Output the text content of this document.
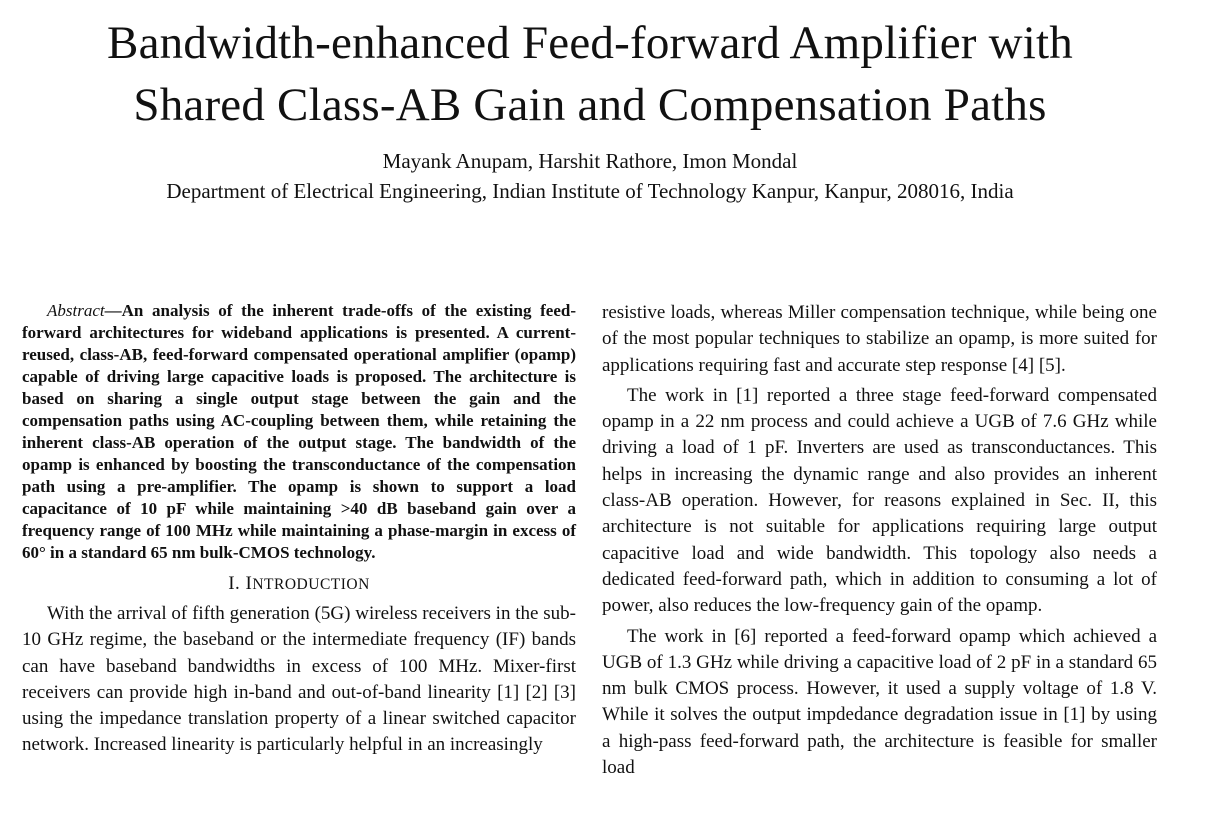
Bandwidth-enhanced Feed-forward Amplifier with
Shared Class-AB Gain and Compensation Paths
Mayank Anupam, Harshit Rathore, Imon Mondal
Department of Electrical Engineering, Indian Institute of Technology Kanpur, Kanpur, 208016, India

Abstract—An analysis of the inherent trade-offs of the existing feed-forward architectures for wideband applications is presented. A current-reused, class-AB, feed-forward compensated operational amplifier (opamp) capable of driving large capacitive loads is proposed. The architecture is based on sharing a single output stage between the gain and the compensation paths using AC-coupling between them, while retaining the inherent class-AB operation of the output stage. The bandwidth of the opamp is enhanced by boosting the transconductance of the compensation path using a pre-amplifier. The opamp is shown to support a load capacitance of 10 pF while maintaining >40 dB baseband gain over a frequency range of 100 MHz while maintaining a phase-margin in excess of 60° in a standard 65 nm bulk-CMOS technology.

I. INTRODUCTION

With the arrival of fifth generation (5G) wireless receivers in the sub-10 GHz regime, the baseband or the intermediate frequency (IF) bands can have baseband bandwidths in excess of 100 MHz. Mixer-first receivers can provide high in-band and out-of-band linearity [1] [2] [3] using the impedance translation property of a linear switched capacitor network. Increased linearity is particularly helpful in an increasingly

resistive loads, whereas Miller compensation technique, while being one of the most popular techniques to stabilize an opamp, is more suited for applications requiring fast and accurate step response [4] [5].

The work in [1] reported a three stage feed-forward compensated opamp in a 22 nm process and could achieve a UGB of 7.6 GHz while driving a load of 1 pF. Inverters are used as transconductances. This helps in increasing the dynamic range and also provides an inherent class-AB operation. However, for reasons explained in Sec. II, this architecture is not suitable for applications requiring large output capacitive load and wide bandwidth. This topology also needs a dedicated feed-forward path, which in addition to consuming a lot of power, also reduces the low-frequency gain of the opamp.

The work in [6] reported a feed-forward opamp which achieved a UGB of 1.3 GHz while driving a capacitive load of 2 pF in a standard 65 nm bulk CMOS process. However, it used a supply voltage of 1.8 V. While it solves the output impdedance degradation issue in [1] by using a high-pass feed-forward path, the architecture is feasible for smaller load
